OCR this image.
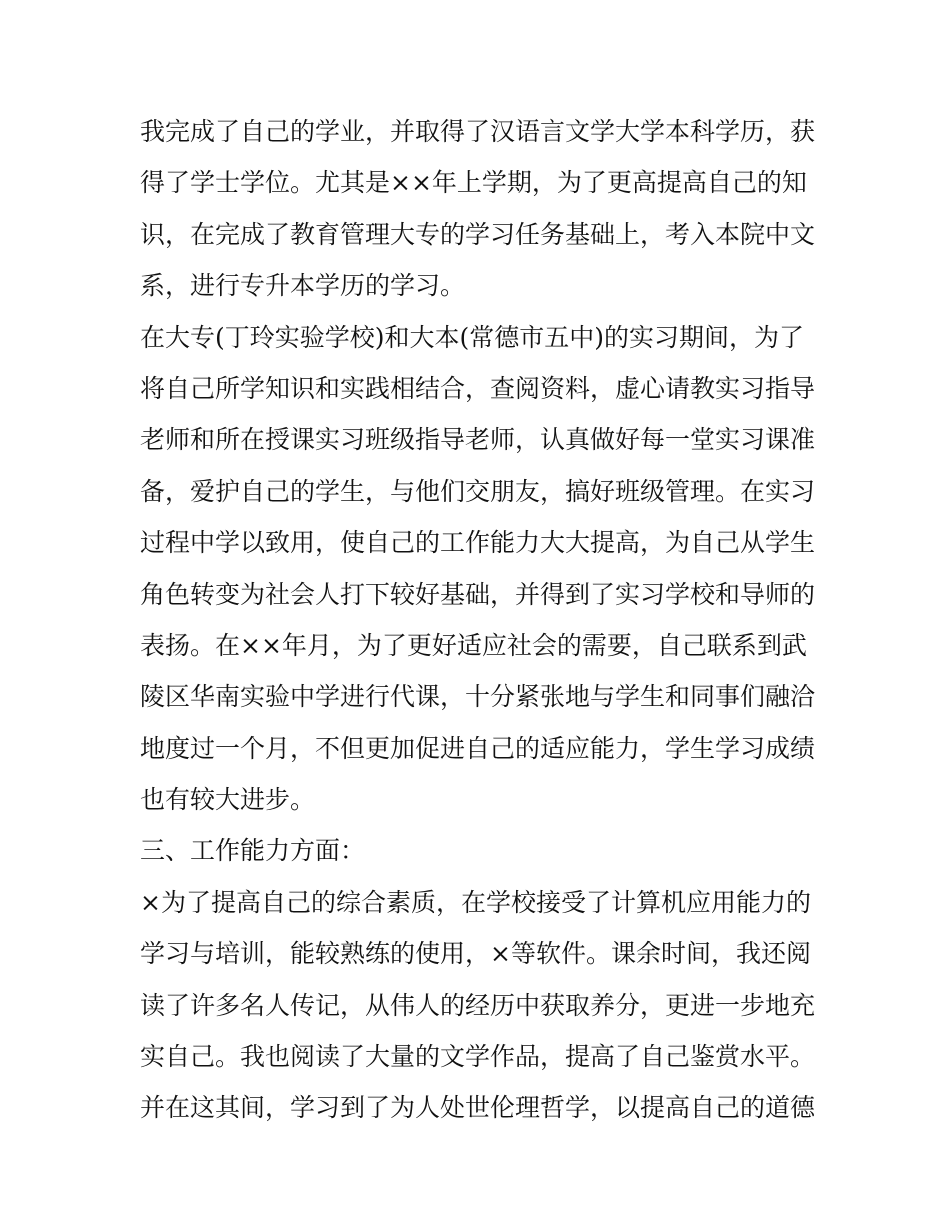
我完成了自己的学业，并取得了汉语言文学大学本科学历，获
得了学士学位。尤其是××年上学期，为了更高提高自己的知
识，在完成了教育管理大专的学习任务基础上，考入本院中文
系，进行专升本学历的学习。
在大专(丁玲实验学校)和大本(常德市五中)的实习期间，为了
将自己所学知识和实践相结合，查阅资料，虚心请教实习指导
老师和所在授课实习班级指导老师，认真做好每一堂实习课准
备，爱护自己的学生，与他们交朋友，搞好班级管理。在实习
过程中学以致用，使自己的工作能力大大提高，为自己从学生
角色转变为社会人打下较好基础，并得到了实习学校和导师的
表扬。在××年月，为了更好适应社会的需要，自己联系到武
陵区华南实验中学进行代课，十分紧张地与学生和同事们融洽
地度过一个月，不但更加促进自己的适应能力，学生学习成绩
也有较大进步。
三、工作能力方面：
×为了提高自己的综合素质，在学校接受了计算机应用能力的
学习与培训，能较熟练的使用，×等软件。课余时间，我还阅
读了许多名人传记，从伟人的经历中获取养分，更进一步地充
实自己。我也阅读了大量的文学作品，提高了自己鉴赏水平。
并在这其间，学习到了为人处世伦理哲学，以提高自己的道德
